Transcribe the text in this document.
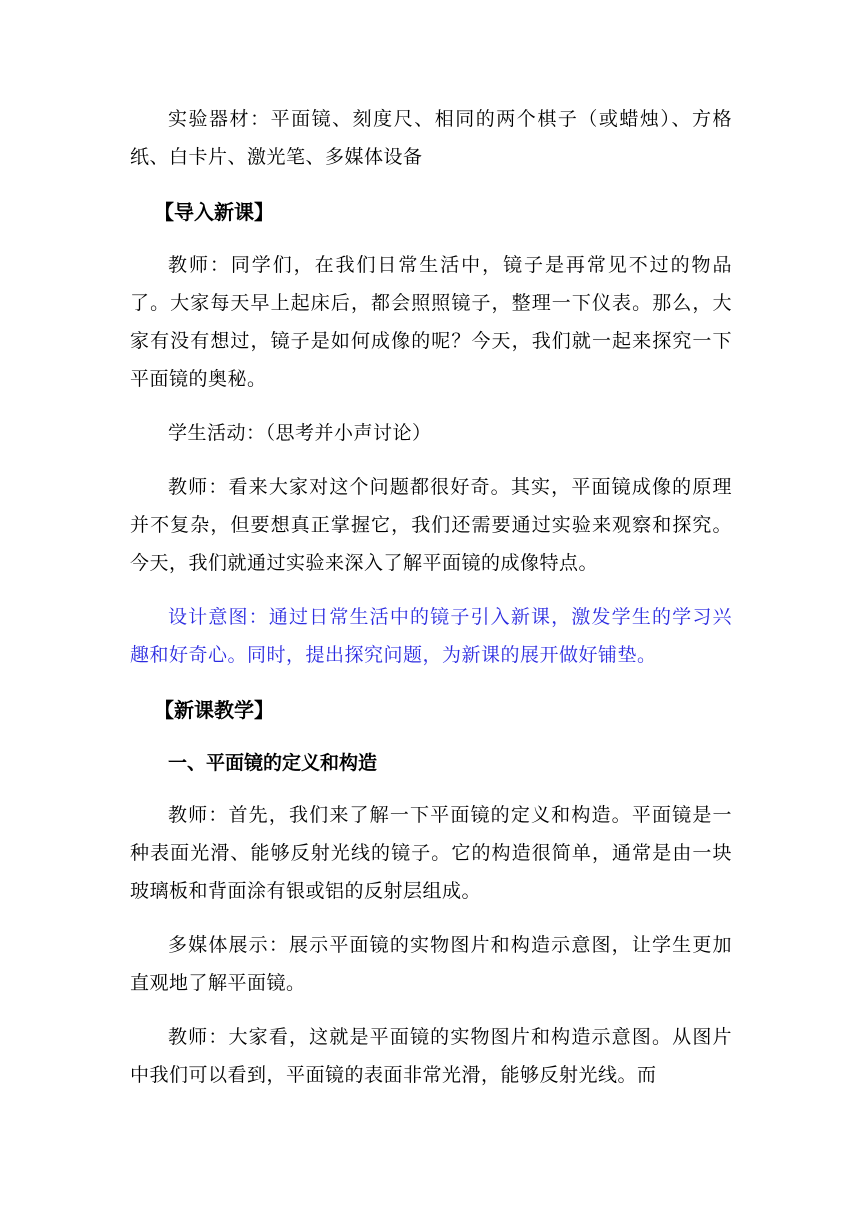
实验器材：平面镜、刻度尺、相同的两个棋子（或蜡烛）、方格纸、白卡片、激光笔、多媒体设备

【导入新课】

教师：同学们，在我们日常生活中，镜子是再常见不过的物品了。大家每天早上起床后，都会照照镜子，整理一下仪表。那么，大家有没有想过，镜子是如何成像的呢？今天，我们就一起来探究一下平面镜的奥秘。

学生活动：（思考并小声讨论）

教师：看来大家对这个问题都很好奇。其实，平面镜成像的原理并不复杂，但要想真正掌握它，我们还需要通过实验来观察和探究。今天，我们就通过实验来深入了解平面镜的成像特点。

设计意图：通过日常生活中的镜子引入新课，激发学生的学习兴趣和好奇心。同时，提出探究问题，为新课的展开做好铺垫。

【新课教学】
一、平面镜的定义和构造

教师：首先，我们来了解一下平面镜的定义和构造。平面镜是一种表面光滑、能够反射光线的镜子。它的构造很简单，通常是由一块玻璃板和背面涂有银或铝的反射层组成。

多媒体展示：展示平面镜的实物图片和构造示意图，让学生更加直观地了解平面镜。

教师：大家看，这就是平面镜的实物图片和构造示意图。从图片中我们可以看到，平面镜的表面非常光滑，能够反射光线。而
